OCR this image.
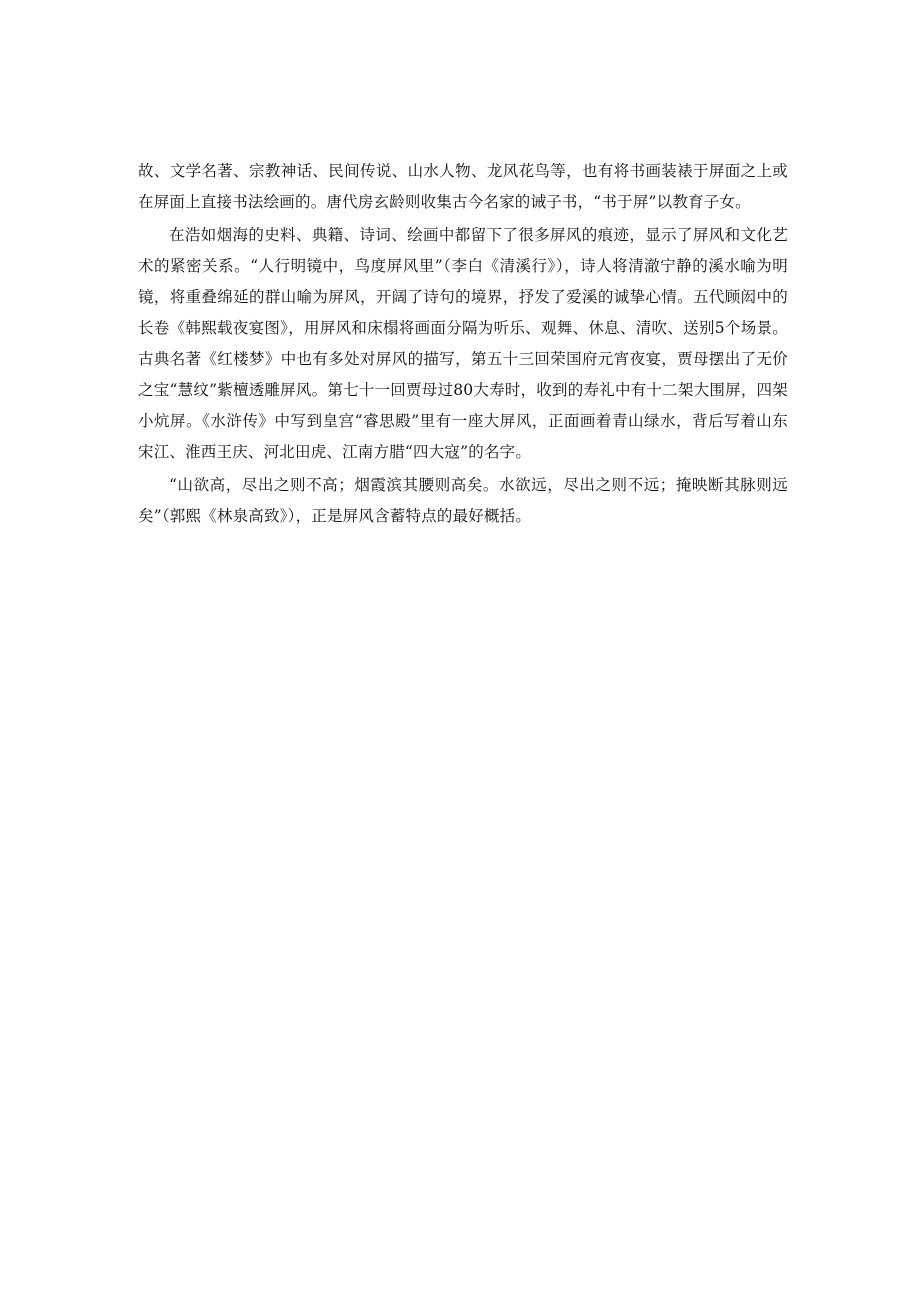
故、文学名著、宗教神话、民间传说、山水人物、龙风花鸟等，也有将书画装裱于屏面之上或在屏面上直接书法绘画的。唐代房玄龄则收集古今名家的诫子书，“书于屏”以教育子女。

在浩如烟海的史料、典籍、诗词、绘画中都留下了很多屏风的痕迹，显示了屏风和文化艺术的紧密关系。“人行明镜中，鸟度屏风里”（李白《清溪行》），诗人将清澈宁静的溪水喻为明镜，将重叠绵延的群山喻为屏风，开阔了诗句的境界，抒发了爱溪的诚挚心情。五代顾闳中的长卷《韩熙载夜宴图》，用屏风和床榻将画面分隔为听乐、观舞、休息、清吹、送别5个场景。古典名著《红楼梦》中也有多处对屏风的描写，第五十三回荣国府元宵夜宴，贾母摆出了无价之宝“慧纹”紫檀透雕屏风。第七十一回贾母过80大寿时，收到的寿礼中有十二架大围屏，四架小炕屏。《水浒传》中写到皇宫“睿思殿”里有一座大屏风，正面画着青山绿水，背后写着山东宋江、淮西王庆、河北田虎、江南方腊“四大寇”的名字。

“山欲高，尽出之则不高；烟霞滨其腰则高矣。水欲远，尽出之则不远；掩映断其脉则远矣”（郭熙《林泉高致》），正是屏风含蓄特点的最好概括。
